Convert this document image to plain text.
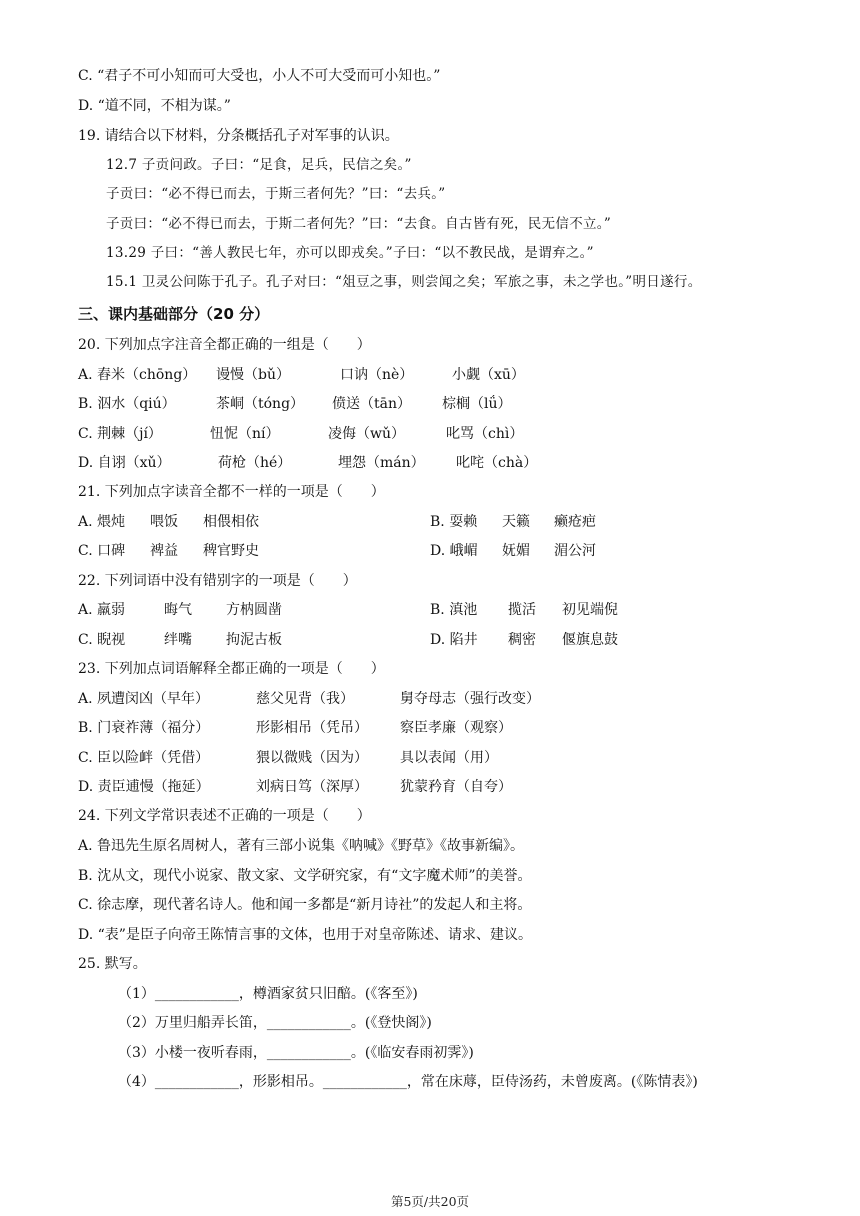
C. “君子不可小知而可大受也，小人不可大受而可小知也。”
D. “道不同，不相为谋。”
19. 请结合以下材料，分条概括孔子对军事的认识。
12.7 子贡问政。子曰：“足食，足兵，民信之矣。”
子贡曰：“必不得已而去，于斯三者何先？”曰：“去兵。”
子贡曰：“必不得已而去，于斯二者何先？”曰：“去食。自古皆有死，民无信不立。”
13.29 子曰：“善人教民七年，亦可以即戎矣。”子曰：“以不教民战，是谓弃之。”
15.1 卫灵公问陈于孔子。孔子对曰：“俎豆之事，则尝闻之矣；军旅之事，未之学也。”明日遂行。
三、课内基础部分（20 分）
20. 下列加点字注音全都正确的一组是（　　）
A. 舂米（chōng） 谩慢（bǔ）	口讷（nè）	小觑（xū）
B. 泅水（qiú）	茶峒（tóng） 偾送（tān） 棕榈（lǘ）
C. 荆棘（jí）	忸怩（ní）	凌侮（wǔ）	叱骂（chì）
D. 自诩（xǔ）	荷枪（hé）	埋怨（mán） 叱咤（chà）
21. 下列加点字读音全都不一样的一项是（　　）
A. 煨炖 喂饭 相偎相依	B. 耍赖 天籁 癞疮疤
C. 口碑 裨益 稗官野史	D. 峨嵋 妩媚 湄公河
22. 下列词语中没有错别字的一项是（　　）
A. 羸弱	晦气 方枘圆凿	B. 滇池 揽活 初见端倪
C. 睨视	绊嘴 拘泥古板	D. 陷井 稠密 偃旗息鼓
23. 下列加点词语解释全都正确的一项是（　　）
A. 夙遭闵凶（早年）	慈父见背（我）	舅夺母志（强行改变）
B. 门衰祚薄（福分）	形影相吊（凭吊） 察臣孝廉（观察）
C. 臣以险衅（凭借）	猥以微贱（因为） 具以表闻（用）
D. 责臣逋慢（拖延）	刘病日笃（深厚） 犹蒙矜育（自夸）
24. 下列文学常识表述不正确的一项是（　　）
A. 鲁迅先生原名周树人，著有三部小说集《呐喊》《野草》《故事新编》。
B. 沈从文，现代小说家、散文家、文学研究家，有“文字魔术师”的美誉。
C. 徐志摩，现代著名诗人。他和闻一多都是“新月诗社”的发起人和主将。
D. “表”是臣子向帝王陈情言事的文体，也用于对皇帝陈述、请求、建议。
25. 默写。
（1）____________，樽酒家贫只旧醅。(《客至》)
（2）万里归船弄长笛，____________。(《登快阁》)
（3）小楼一夜听春雨，____________。(《临安春雨初霁》)
（4）____________，形影相吊。____________，常在床蓐，臣侍汤药，未曾废离。(《陈情表》)
第5页/共20页
